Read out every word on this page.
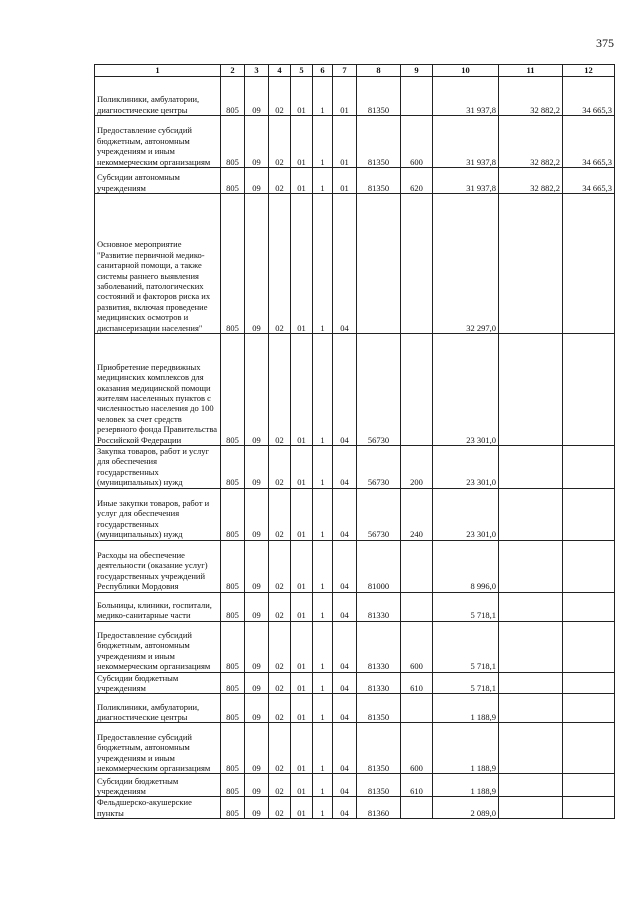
375
1	2	3	4	5	6	7	8	9	10	11	12
Поликлиники, амбулатории, диагностические центры	805	09	02	01	1	01	81350		31 937,8	32 882,2	34 665,3
Предоставление субсидий бюджетным, автономным учреждениям и иным некоммерческим организациям	805	09	02	01	1	01	81350	600	31 937,8	32 882,2	34 665,3
Субсидии автономным учреждениям	805	09	02	01	1	01	81350	620	31 937,8	32 882,2	34 665,3
Основное мероприятие "Развитие первичной медико-санитарной помощи, а также системы раннего выявления заболеваний, патологических состояний и факторов риска их развития, включая проведение медицинских осмотров и диспансеризации населения"	805	09	02	01	1	04			32 297,0		
Приобретение передвижных медицинских комплексов для оказания медицинской помощи жителям населенных пунктов с численностью населения до 100 человек за счет средств резервного фонда Правительства Российской Федерации	805	09	02	01	1	04	56730		23 301,0		
Закупка товаров, работ и услуг для обеспечения государственных (муниципальных) нужд	805	09	02	01	1	04	56730	200	23 301,0		
Иные закупки товаров, работ и услуг для обеспечения государственных (муниципальных) нужд	805	09	02	01	1	04	56730	240	23 301,0		
Расходы на обеспечение деятельности (оказание услуг) государственных учреждений Республики Мордовия	805	09	02	01	1	04	81000		8 996,0		
Больницы, клиники, госпитали, медико-санитарные части	805	09	02	01	1	04	81330		5 718,1		
Предоставление субсидий бюджетным, автономным учреждениям и иным некоммерческим организациям	805	09	02	01	1	04	81330	600	5 718,1		
Субсидии бюджетным учреждениям	805	09	02	01	1	04	81330	610	5 718,1		
Поликлиники, амбулатории, диагностические центры	805	09	02	01	1	04	81350		1 188,9		
Предоставление субсидий бюджетным, автономным учреждениям и иным некоммерческим организациям	805	09	02	01	1	04	81350	600	1 188,9		
Субсидии бюджетным учреждениям	805	09	02	01	1	04	81350	610	1 188,9		
Фельдшерско-акушерские пункты	805	09	02	01	1	04	81360		2 089,0		
